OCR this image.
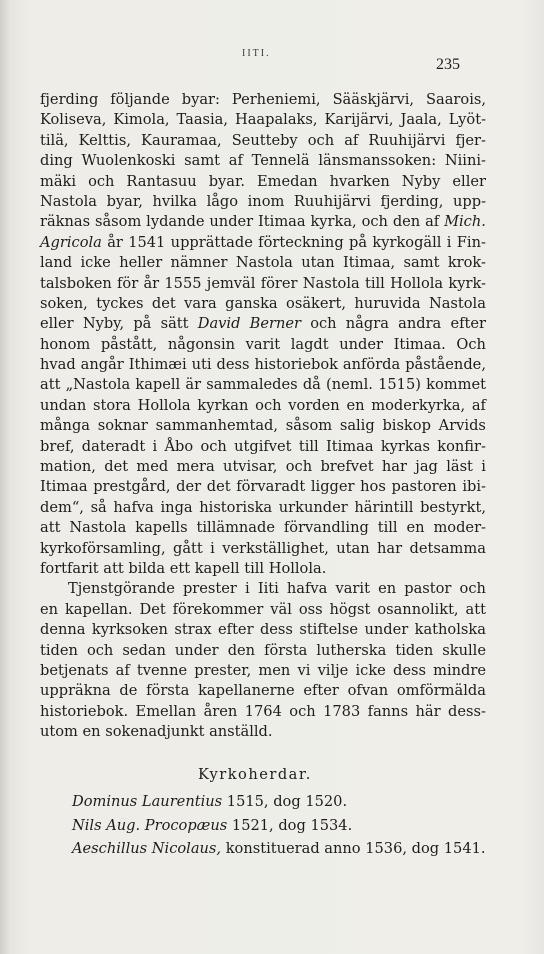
IITI.
235
fjerding följande byar: Perheniemi, Sääskjärvi, Saarois,
Koliseva, Kimola, Taasia, Haapalaks, Karijärvi, Jaala, Lyöt-
tilä, Kelttis, Kauramaa, Seutteby och af Ruuhijärvi fjer-
ding Wuolenkoski samt af Tennelä länsmanssoken: Niini-
mäki och Rantasuu byar. Emedan hvarken Nyby eller
Nastola byar, hvilka lågo inom Ruuhijärvi fjerding, upp-
räknas såsom lydande under Itimaa kyrka, och den af Mich.
Agricola år 1541 upprättade förteckning på kyrkogäll i Fin-
land icke heller nämner Nastola utan Itimaa, samt krok-
talsboken för år 1555 jemväl förer Nastola till Hollola kyrk-
soken, tyckes det vara ganska osäkert, huruvida Nastola
eller Nyby, på sätt David Berner och några andra efter
honom påstått, någonsin varit lagdt under Itimaa. Och
hvad angår Ithimæi uti dess historiebok anförda påstående,
att „Nastola kapell är sammaledes då (neml. 1515) kommet
undan stora Hollola kyrkan och vorden en moderkyrka, af
många soknar sammanhemtad, såsom salig biskop Arvids
bref, dateradt i Åbo och utgifvet till Itimaa kyrkas konfir-
mation, det med mera utvisar, och brefvet har jag läst i
Itimaa prestgård, der det förvaradt ligger hos pastoren ibi-
dem“, så hafva inga historiska urkunder härintill bestyrkt,
att Nastola kapells tillämnade förvandling till en moder-
kyrkoförsamling, gått i verkställighet, utan har detsamma
fortfarit att bilda ett kapell till Hollola.
Tjenstgörande prester i Iiti hafva varit en pastor och
en kapellan. Det förekommer väl oss högst osannolikt, att
denna kyrksoken strax efter dess stiftelse under katholska
tiden och sedan under den första lutherska tiden skulle
betjenats af tvenne prester, men vi vilje icke dess mindre
uppräkna de första kapellanerne efter ofvan omförmälda
historiebok. Emellan åren 1764 och 1783 fanns här dess-
utom en sokenadjunkt anställd.
Kyrkoherdar.
Dominus Laurentius 1515, dog 1520.
Nils Aug. Procopæus 1521, dog 1534.
Aeschillus Nicolaus, konstituerad anno 1536, dog 1541.
